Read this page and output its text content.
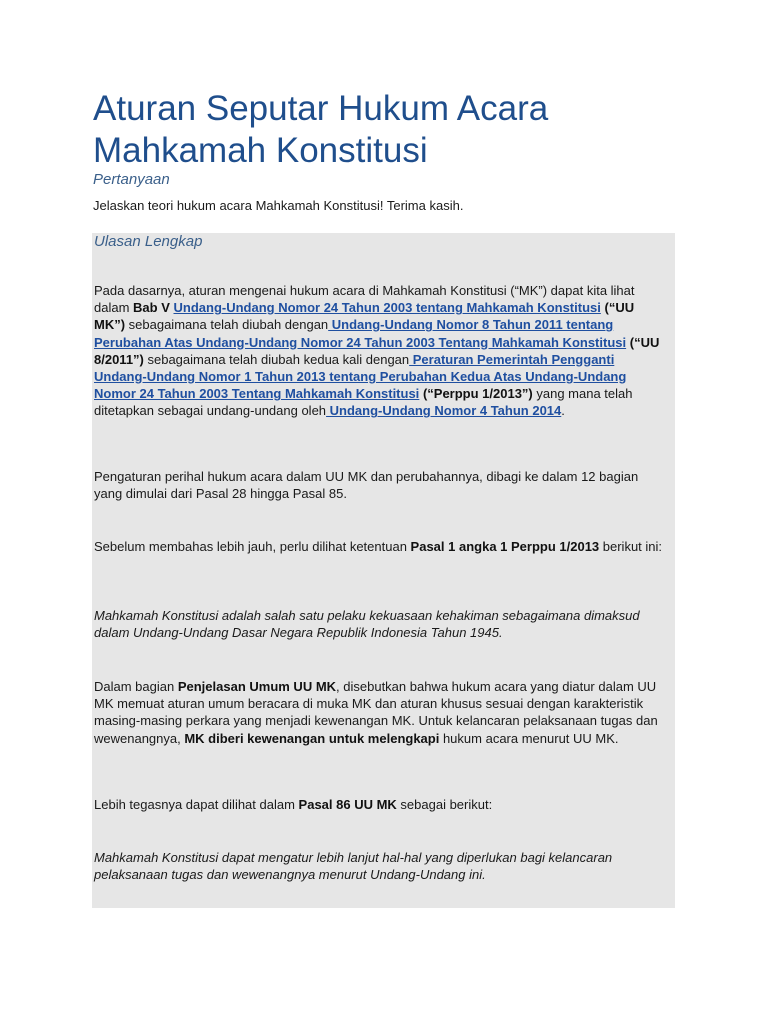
Aturan Seputar Hukum Acara Mahkamah Konstitusi
Pertanyaan

Jelaskan teori hukum acara Mahkamah Konstitusi! Terima kasih.

Ulasan Lengkap

Pada dasarnya, aturan mengenai hukum acara di Mahkamah Konstitusi (“MK”) dapat kita lihat dalam Bab V Undang-Undang Nomor 24 Tahun 2003 tentang Mahkamah Konstitusi (“UU MK”) sebagaimana telah diubah dengan Undang-Undang Nomor 8 Tahun 2011 tentang Perubahan Atas Undang-Undang Nomor 24 Tahun 2003 Tentang Mahkamah Konstitusi (“UU 8/2011”) sebagaimana telah diubah kedua kali dengan Peraturan Pemerintah Pengganti Undang-Undang Nomor 1 Tahun 2013 tentang Perubahan Kedua Atas Undang-Undang Nomor 24 Tahun 2003 Tentang Mahkamah Konstitusi (“Perppu 1/2013”) yang mana telah ditetapkan sebagai undang-undang oleh Undang-Undang Nomor 4 Tahun 2014.

Pengaturan perihal hukum acara dalam UU MK dan perubahannya, dibagi ke dalam 12 bagian yang dimulai dari Pasal 28 hingga Pasal 85.

Sebelum membahas lebih jauh, perlu dilihat ketentuan Pasal 1 angka 1 Perppu 1/2013 berikut ini:

Mahkamah Konstitusi adalah salah satu pelaku kekuasaan kehakiman sebagaimana dimaksud dalam Undang-Undang Dasar Negara Republik Indonesia Tahun 1945.

Dalam bagian Penjelasan Umum UU MK, disebutkan bahwa hukum acara yang diatur dalam UU MK memuat aturan umum beracara di muka MK dan aturan khusus sesuai dengan karakteristik masing-masing perkara yang menjadi kewenangan MK. Untuk kelancaran pelaksanaan tugas dan wewenangnya, MK diberi kewenangan untuk melengkapi hukum acara menurut UU MK.

Lebih tegasnya dapat dilihat dalam Pasal 86 UU MK sebagai berikut:

Mahkamah Konstitusi dapat mengatur lebih lanjut hal-hal yang diperlukan bagi kelancaran pelaksanaan tugas dan wewenangnya menurut Undang-Undang ini.
